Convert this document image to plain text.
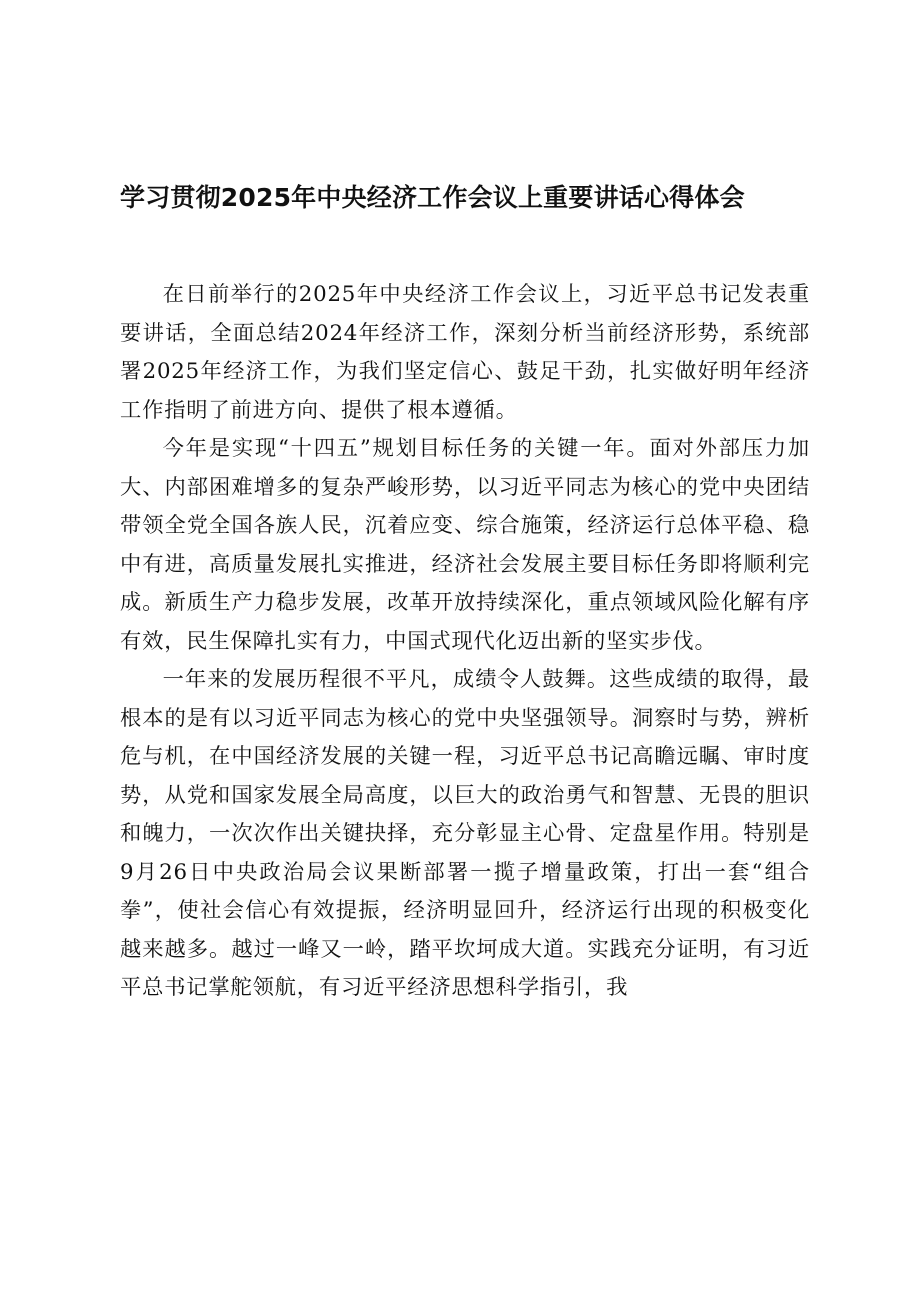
学习贯彻2025年中央经济工作会议上重要讲话心得体会

在日前举行的2025年中央经济工作会议上，习近平总书记发表重要讲话，全面总结2024年经济工作，深刻分析当前经济形势，系统部署2025年经济工作，为我们坚定信心、鼓足干劲，扎实做好明年经济工作指明了前进方向、提供了根本遵循。

今年是实现“十四五”规划目标任务的关键一年。面对外部压力加大、内部困难增多的复杂严峻形势，以习近平同志为核心的党中央团结带领全党全国各族人民，沉着应变、综合施策，经济运行总体平稳、稳中有进，高质量发展扎实推进，经济社会发展主要目标任务即将顺利完成。新质生产力稳步发展，改革开放持续深化，重点领域风险化解有序有效，民生保障扎实有力，中国式现代化迈出新的坚实步伐。

一年来的发展历程很不平凡，成绩令人鼓舞。这些成绩的取得，最根本的是有以习近平同志为核心的党中央坚强领导。洞察时与势，辨析危与机，在中国经济发展的关键一程，习近平总书记高瞻远瞩、审时度势，从党和国家发展全局高度，以巨大的政治勇气和智慧、无畏的胆识和魄力，一次次作出关键抉择，充分彰显主心骨、定盘星作用。特别是9月26日中央政治局会议果断部署一揽子增量政策，打出一套“组合拳”，使社会信心有效提振，经济明显回升，经济运行出现的积极变化越来越多。越过一峰又一岭，踏平坎坷成大道。实践充分证明，有习近平总书记掌舵领航，有习近平经济思想科学指引，我
